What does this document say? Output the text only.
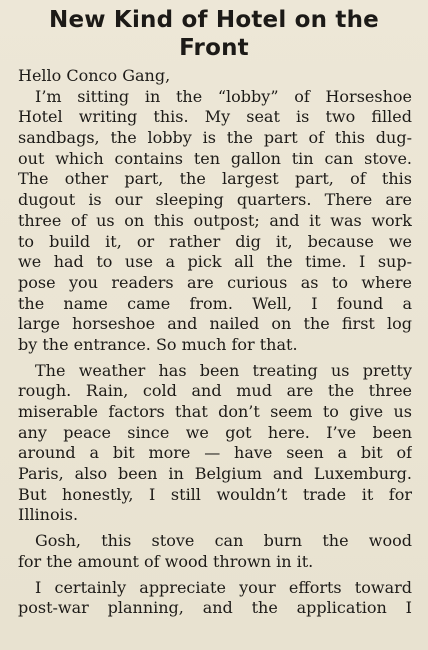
New Kind of Hotel on the
Front
Hello Conco Gang,
I’m sitting in the “lobby” of Horseshoe
Hotel writing this. My seat is two filled
sandbags, the lobby is the part of this dug-
out which contains ten gallon tin can stove.
The other part, the largest part, of this
dugout is our sleeping quarters. There are
three of us on this outpost; and it was work
to build it, or rather dig it, because we
we had to use a pick all the time. I sup-
pose you readers are curious as to where
the name came from. Well, I found a
large horseshoe and nailed on the first log
by the entrance. So much for that.
The weather has been treating us pretty
rough. Rain, cold and mud are the three
miserable factors that don’t seem to give us
any peace since we got here. I’ve been
around a bit more — have seen a bit of
Paris, also been in Belgium and Luxemburg.
But honestly, I still wouldn’t trade it for
Illinois.
Gosh, this stove can burn the wood
for the amount of wood thrown in it.
I certainly appreciate your efforts toward
post-war planning, and the application I
